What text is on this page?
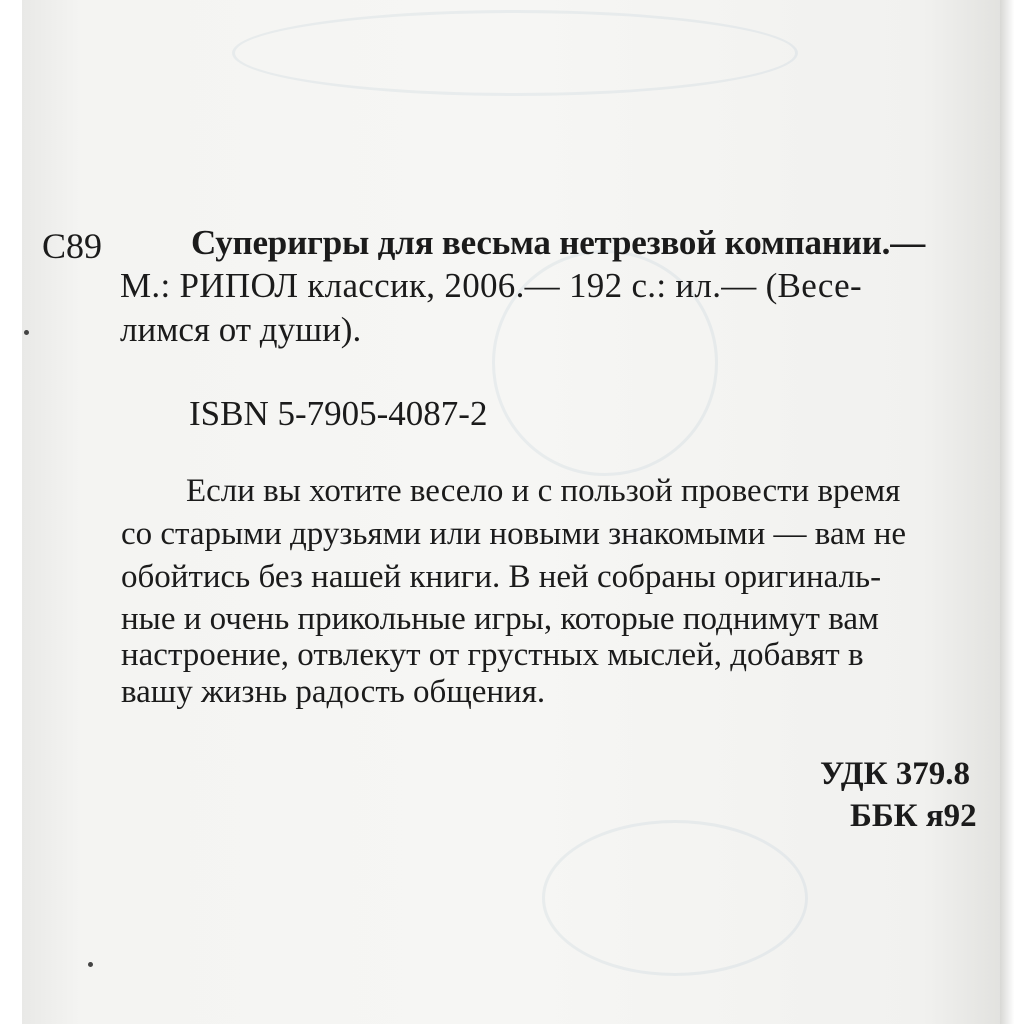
С89	Суперигры для весьма нетрезвой компании.—
М.: РИПОЛ классик, 2006.— 192 с.: ил.— (Весе-
лимся от души).
ISBN 5-7905-4087-2
Если вы хотите весело и с пользой провести время
со старыми друзьями или новыми знакомыми — вам не
обойтись без нашей книги. В ней собраны оригиналь-
ные и очень прикольные игры, которые поднимут вам
настроение, отвлекут от грустных мыслей, добавят в
вашу жизнь радость общения.
УДК 379.8
ББК я92
